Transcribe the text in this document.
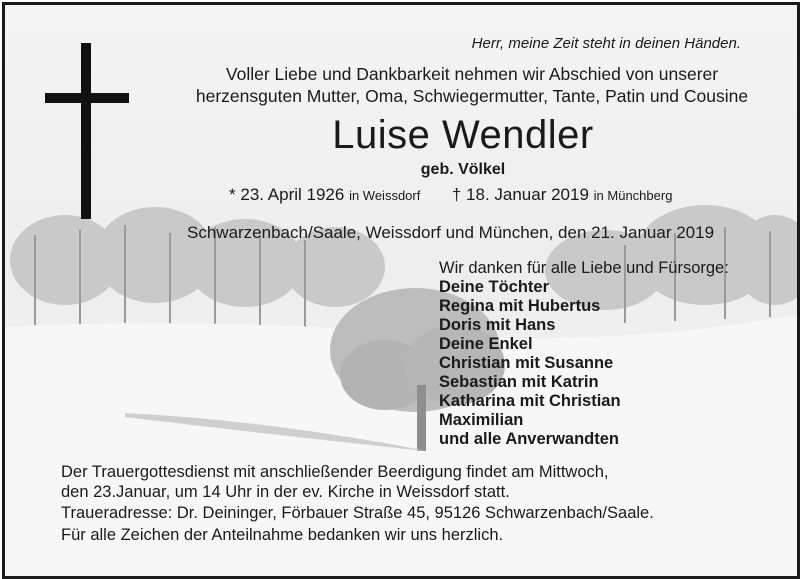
Herr, meine Zeit steht in deinen Händen.
Voller Liebe und Dankbarkeit nehmen wir Abschied von unserer
herzensguten Mutter, Oma, Schwiegermutter, Tante, Patin und Cousine
Luise Wendler
geb. Völkel
* 23. April 1926 in Weissdorf † 18. Januar 2019 in Münchberg
Schwarzenbach/Saale, Weissdorf und München, den 21. Januar 2019
Wir danken für alle Liebe und Fürsorge:
Deine Töchter
Regina mit Hubertus
Doris mit Hans
Deine Enkel
Christian mit Susanne
Sebastian mit Katrin
Katharina mit Christian
Maximilian
und alle Anverwandten
Der Trauergottesdienst mit anschließender Beerdigung findet am Mittwoch,
den 23.Januar, um 14 Uhr in der ev. Kirche in Weissdorf statt.
Traueradresse: Dr. Deininger, Förbauer Straße 45, 95126 Schwarzenbach/Saale.
Für alle Zeichen der Anteilnahme bedanken wir uns herzlich.
